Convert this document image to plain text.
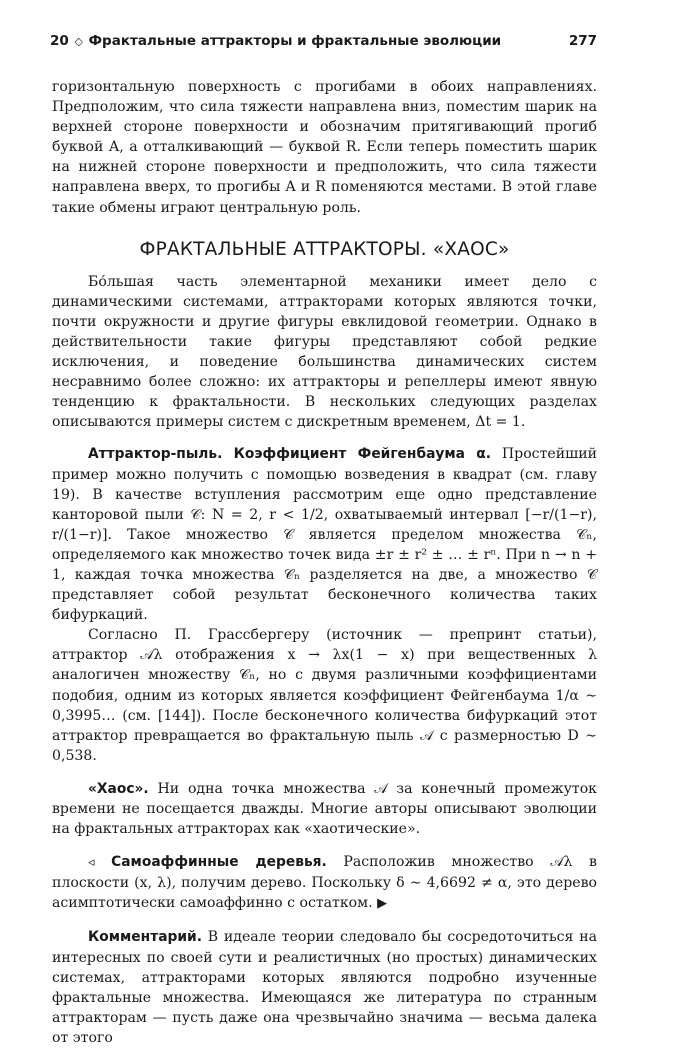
20 ◇ Фрактальные аттракторы и фрактальные эволюции	277

горизонтальную поверхность с прогибами в обоих направлениях. Предположим, что сила тяжести направлена вниз, поместим шарик на верхней стороне поверхности и обозначим притягивающий прогиб буквой A, а отталкивающий — буквой R. Если теперь поместить шарик на нижней стороне поверхности и предположить, что сила тяжести направлена вверх, то прогибы A и R поменяются местами. В этой главе такие обмены играют центральную роль.

ФРАКТАЛЬНЫЕ АТТРАКТОРЫ. «ХАОС»

Бо́льшая часть элементарной механики имеет дело с динамическими системами, аттракторами которых являются точки, почти окружности и другие фигуры евклидовой геометрии. Однако в действительности такие фигуры представляют собой редкие исключения, и поведение большинства динамических систем несравнимо более сложно: их аттракторы и репеллеры имеют явную тенденцию к фрактальности. В нескольких следующих разделах описываются примеры систем с дискретным временем, Δt = 1.

Аттрактор-пыль. Коэффициент Фейгенбаума α. Простейший пример можно получить с помощью возведения в квадрат (см. главу 19). В качестве вступления рассмотрим еще одно представление канторовой пыли 𝒞: N = 2, r < 1/2, охватываемый интервал [−r/(1−r), r/(1−r)]. Такое множество 𝒞 является пределом множества 𝒞ₙ, определяемого как множество точек вида ±r ± r² ± … ± rⁿ. При n → n + 1, каждая точка множества 𝒞ₙ разделяется на две, а множество 𝒞 представляет собой результат бесконечного количества таких бифуркаций.

Согласно П. Грассбергеру (источник — препринт статьи), аттрактор 𝒜λ отображения x → λx(1 − x) при вещественных λ аналогичен множеству 𝒞ₙ, но с двумя различными коэффициентами подобия, одним из которых является коэффициент Фейгенбаума 1/α ∼ 0,3995… (см. [144]). После бесконечного количества бифуркаций этот аттрактор превращается во фрактальную пыль 𝒜 с размерностью D ∼ 0,538.

«Хаос». Ни одна точка множества 𝒜 за конечный промежуток времени не посещается дважды. Многие авторы описывают эволюции на фрактальных аттракторах как «хаотические».

◃ Самоаффинные деревья. Расположив множество 𝒜λ в плоскости (x, λ), получим дерево. Поскольку δ ∼ 4,6692 ≠ α, это дерево асимптотически самоаффинно с остатком. ▶

Комментарий. В идеале теории следовало бы сосредоточиться на интересных по своей сути и реалистичных (но простых) динамических системах, аттракторами которых являются подробно изученные фрактальные множества. Имеющаяся же литература по странным аттракторам — пусть даже она чрезвычайно значима — весьма далека от этого
